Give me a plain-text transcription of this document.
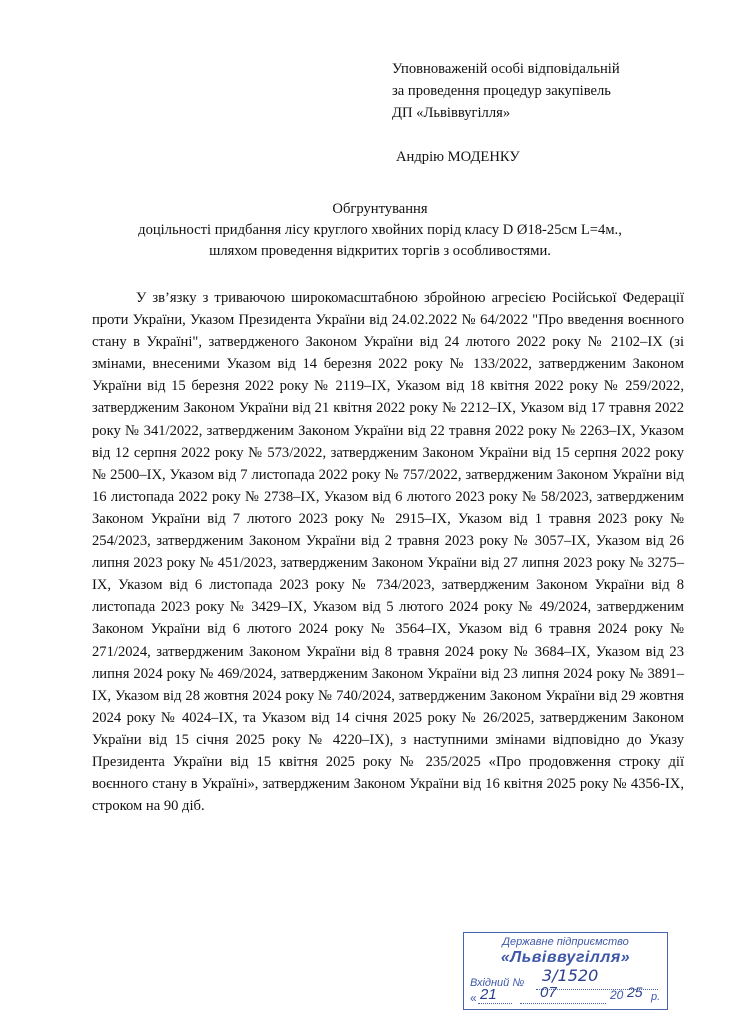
Уповноваженій особі відповідальній
за проведення процедур закупівель
ДП «Львіввугілля»
Андрію МОДЕНКУ
Обгрунтування
доцільності придбання лісу круглого хвойних порід класу D Ø18-25см L=4м.,
шляхом проведення відкритих торгів з особливостями.

У зв’язку з триваючою широкомасштабною збройною агресією Російської Федерації проти України, Указом Президента України від 24.02.2022 № 64/2022 "Про введення воєнного стану в Україні", затвердженого Законом України від 24 лютого 2022 року № 2102–IX (зі змінами, внесеними Указом від 14 березня 2022 року № 133/2022, затвердженим Законом України від 15 березня 2022 року № 2119–IX, Указом від 18 квітня 2022 року № 259/2022, затвердженим Законом України від 21 квітня 2022 року № 2212–IX, Указом від 17 травня 2022 року № 341/2022, затвердженим Законом України від 22 травня 2022 року № 2263–IX, Указом від 12 серпня 2022 року № 573/2022, затвердженим Законом України від 15 серпня 2022 року № 2500–IX, Указом від 7 листопада 2022 року № 757/2022, затвердженим Законом України від 16 листопада 2022 року № 2738–IX, Указом від 6 лютого 2023 року № 58/2023, затвердженим Законом України від 7 лютого 2023 року № 2915–IX, Указом від 1 травня 2023 року № 254/2023, затвердженим Законом України від 2 травня 2023 року № 3057–IX, Указом від 26 липня 2023 року № 451/2023, затвердженим Законом України від 27 липня 2023 року № 3275–IX, Указом від 6 листопада 2023 року № 734/2023, затвердженим Законом України від 8 листопада 2023 року № 3429–IX, Указом від 5 лютого 2024 року № 49/2024, затвердженим Законом України від 6 лютого 2024 року № 3564–IX, Указом від 6 травня 2024 року № 271/2024, затвердженим Законом України від 8 травня 2024 року № 3684–IX, Указом від 23 липня 2024 року № 469/2024, затвердженим Законом України від 23 липня 2024 року № 3891–IX, Указом від 28 жовтня 2024 року № 740/2024, затвердженим Законом України від 29 жовтня 2024 року № 4024–IX, та Указом від 14 січня 2025 року № 26/2025, затвердженим Законом України від 15 січня 2025 року № 4220–IX), з наступними змінами відповідно до Указу Президента України від 15 квітня 2025 року № 235/2025 «Про продовження строку дії воєнного стану в Україні», затвердженим Законом України від 16 квітня 2025 року № 4356-IX, строком на 90 діб.

Державне підприємство
«Львіввугілля»
Вхідний № 3/1520
« 21	07	20 25 р.
